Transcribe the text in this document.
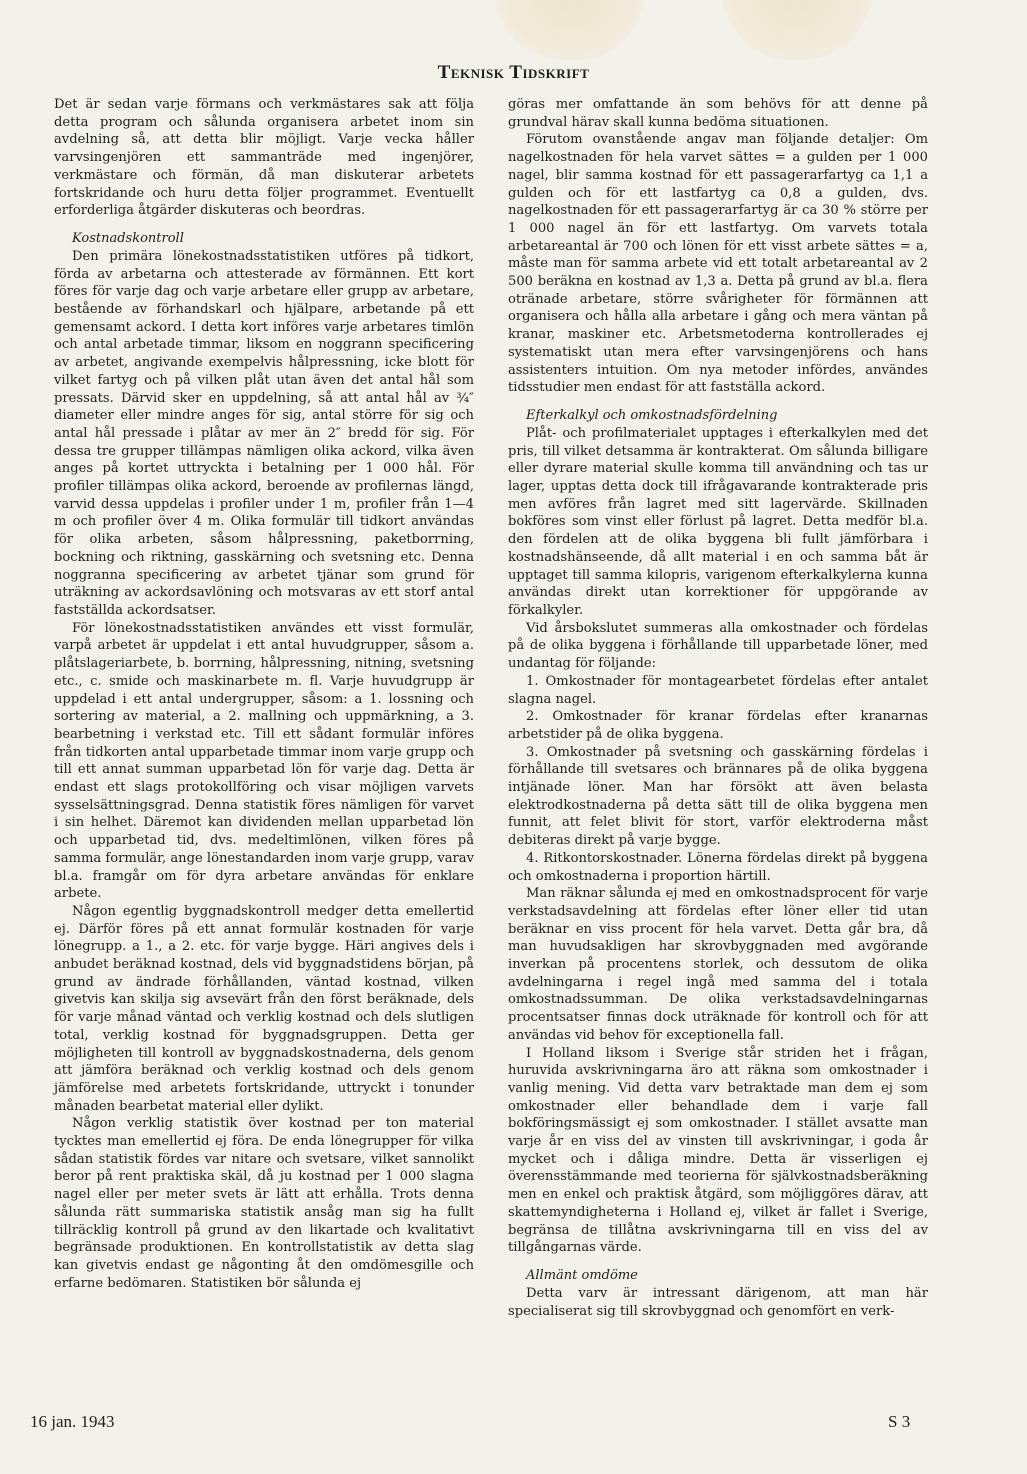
Teknisk Tidskrift

Det är sedan varje förmans och verkmästares sak att följa detta program och sålunda organisera arbetet inom sin avdelning så, att detta blir möjligt. Varje vecka håller varvsingenjören ett sammanträde med ingenjörer, verkmästare och förmän, då man diskuterar arbetets fortskridande och huru detta följer programmet. Eventuellt erforderliga åtgärder diskuteras och beordras.

Kostnadskontroll

Den primära lönekostnadsstatistiken utföres på tidkort, förda av arbetarna och attesterade av förmännen. Ett kort föres för varje dag och varje arbetare eller grupp av arbetare, bestående av förhandskarl och hjälpare, arbetande på ett gemensamt ackord. I detta kort införes varje arbetares timlön och antal arbetade timmar, liksom en noggrann specificering av arbetet, angivande exempelvis hålpressning, icke blott för vilket fartyg och på vilken plåt utan även det antal hål som pressats. Därvid sker en uppdelning, så att antal hål av ¾″ diameter eller mindre anges för sig, antal större för sig och antal hål pressade i plåtar av mer än 2″ bredd för sig. För dessa tre grupper tillämpas nämligen olika ackord, vilka även anges på kortet uttryckta i betalning per 1 000 hål. För profiler tillämpas olika ackord, beroende av profilernas längd, varvid dessa uppdelas i profiler under 1 m, profiler från 1—4 m och profiler över 4 m. Olika formulär till tidkort användas för olika arbeten, såsom hålpressning, paketborrning, bockning och riktning, gasskärning och svetsning etc. Denna noggranna specificering av arbetet tjänar som grund för uträkning av ackordsavlöning och motsvaras av ett storf antal fastställda ackordsatser.

För lönekostnadsstatistiken användes ett visst formulär, varpå arbetet är uppdelat i ett antal huvudgrupper, såsom a. plåtslageriarbete, b. borrning, hålpressning, nitning, svetsning etc., c. smide och maskinarbete m. fl. Varje huvudgrupp är uppdelad i ett antal undergrupper, såsom: a 1. lossning och sortering av material, a 2. mallning och uppmärkning, a 3. bearbetning i verkstad etc. Till ett sådant formulär införes från tidkorten antal upparbetade timmar inom varje grupp och till ett annat summan upparbetad lön för varje dag. Detta är endast ett slags protokollföring och visar möjligen varvets sysselsättningsgrad. Denna statistik föres nämligen för varvet i sin helhet. Däremot kan dividenden mellan upparbetad lön och upparbetad tid, dvs. medeltimlönen, vilken föres på samma formulär, ange lönestandarden inom varje grupp, varav bl.a. framgår om för dyra arbetare användas för enklare arbete.

Någon egentlig byggnadskontroll medger detta emellertid ej. Därför föres på ett annat formulär kostnaden för varje lönegrupp. a 1., a 2. etc. för varje bygge. Häri angives dels i anbudet beräknad kostnad, dels vid byggnadstidens början, på grund av ändrade förhållanden, väntad kostnad, vilken givetvis kan skilja sig avsevärt från den först beräknade, dels för varje månad väntad och verklig kostnad och dels slutligen total, verklig kostnad för byggnadsgruppen. Detta ger möjligheten till kontroll av byggnadskostnaderna, dels genom att jämföra beräknad och verklig kostnad och dels genom jämförelse med arbetets fortskridande, uttryckt i tonunder månaden bearbetat material eller dylikt.

Någon verklig statistik över kostnad per ton material tycktes man emellertid ej föra. De enda lönegrupper för vilka sådan statistik fördes var nitare och svetsare, vilket sannolikt beror på rent praktiska skäl, då ju kostnad per 1 000 slagna nagel eller per meter svets är lätt att erhålla. Trots denna sålunda rätt summariska statistik ansåg man sig ha fullt tillräcklig kontroll på grund av den likartade och kvalitativt begränsade produktionen. En kontrollstatistik av detta slag kan givetvis endast ge någonting åt den omdömesgille och erfarne bedömaren. Statistiken bör sålunda ej

göras mer omfattande än som behövs för att denne på grundval härav skall kunna bedöma situationen.

Förutom ovanstående angav man följande detaljer: Om nagelkostnaden för hela varvet sättes = a gulden per 1 000 nagel, blir samma kostnad för ett passagerarfartyg ca 1,1 a gulden och för ett lastfartyg ca 0,8 a gulden, dvs. nagelkostnaden för ett passagerarfartyg är ca 30 % större per 1 000 nagel än för ett lastfartyg. Om varvets totala arbetareantal är 700 och lönen för ett visst arbete sättes = a, måste man för samma arbete vid ett totalt arbetareantal av 2 500 beräkna en kostnad av 1,3 a. Detta på grund av bl.a. flera otränade arbetare, större svårigheter för förmännen att organisera och hålla alla arbetare i gång och mera väntan på kranar, maskiner etc. Arbetsmetoderna kontrollerades ej systematiskt utan mera efter varvsingenjörens och hans assistenters intuition. Om nya metoder infördes, användes tidsstudier men endast för att fastställa ackord.

Efterkalkyl och omkostnadsfördelning

Plåt- och profilmaterialet upptages i efterkalkylen med det pris, till vilket detsamma är kontrakterat. Om sålunda billigare eller dyrare material skulle komma till användning och tas ur lager, upptas detta dock till ifrågavarande kontrakterade pris men avföres från lagret med sitt lagervärde. Skillnaden bokföres som vinst eller förlust på lagret. Detta medför bl.a. den fördelen att de olika byggena bli fullt jämförbara i kostnadshänseende, då allt material i en och samma båt är upptaget till samma kilopris, varigenom efterkalkylerna kunna användas direkt utan korrektioner för uppgörande av förkalkyler.

Vid årsbokslutet summeras alla omkostnader och fördelas på de olika byggena i förhållande till upparbetade löner, med undantag för följande:

1. Omkostnader för montagearbetet fördelas efter antalet slagna nagel.

2. Omkostnader för kranar fördelas efter kranarnas arbetstider på de olika byggena.

3. Omkostnader på svetsning och gasskärning fördelas i förhållande till svetsares och brännares på de olika byggena intjänade löner. Man har försökt att även belasta elektrodkostnaderna på detta sätt till de olika byggena men funnit, att felet blivit för stort, varför elektroderna måst debiteras direkt på varje bygge.

4. Ritkontorskostnader. Lönerna fördelas direkt på byggena och omkostnaderna i proportion härtill.

Man räknar sålunda ej med en omkostnadsprocent för varje verkstadsavdelning att fördelas efter löner eller tid utan beräknar en viss procent för hela varvet. Detta går bra, då man huvudsakligen har skrovbyggnaden med avgörande inverkan på procentens storlek, och dessutom de olika avdelningarna i regel ingå med samma del i totala omkostnadssumman. De olika verkstadsavdelningarnas procentsatser finnas dock uträknade för kontroll och för att användas vid behov för exceptionella fall.

I Holland liksom i Sverige står striden het i frågan, huruvida avskrivningarna äro att räkna som omkostnader i vanlig mening. Vid detta varv betraktade man dem ej som omkostnader eller behandlade dem i varje fall bokföringsmässigt ej som omkostnader. I stället avsatte man varje år en viss del av vinsten till avskrivningar, i goda år mycket och i dåliga mindre. Detta är visserligen ej överensstämmande med teorierna för självkostnadsberäkning men en enkel och praktisk åtgärd, som möjliggöres därav, att skattemyndigheterna i Holland ej, vilket är fallet i Sverige, begränsa de tillåtna avskrivningarna till en viss del av tillgångarnas värde.

Allmänt omdöme

Detta varv är intressant därigenom, att man här specialiserat sig till skrovbyggnad och genomfört en verk-

16 jan. 1943	S 3
